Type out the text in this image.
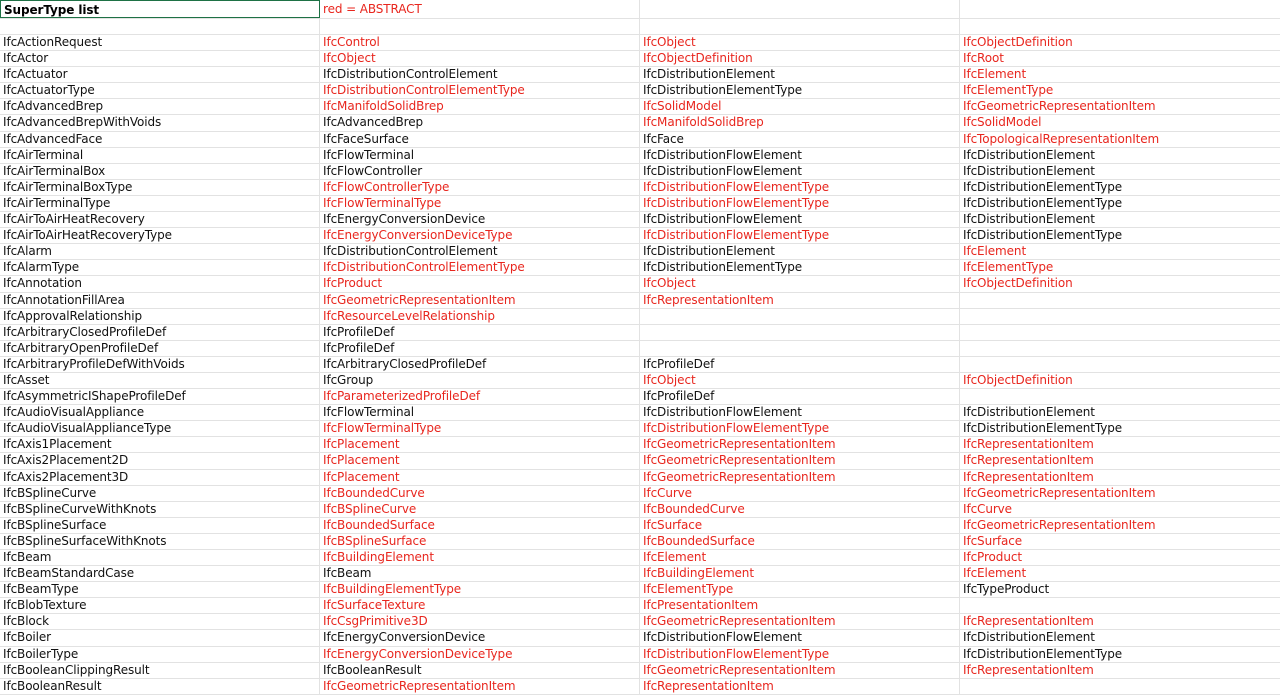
SuperType list	red = ABSTRACT
IfcActionRequest	IfcControl	IfcObject	IfcObjectDefinition
IfcActor	IfcObject	IfcObjectDefinition	IfcRoot
IfcActuator	IfcDistributionControlElement	IfcDistributionElement	IfcElement
IfcActuatorType	IfcDistributionControlElementType	IfcDistributionElementType	IfcElementType
IfcAdvancedBrep	IfcManifoldSolidBrep	IfcSolidModel	IfcGeometricRepresentationItem
IfcAdvancedBrepWithVoids	IfcAdvancedBrep	IfcManifoldSolidBrep	IfcSolidModel
IfcAdvancedFace	IfcFaceSurface	IfcFace	IfcTopologicalRepresentationItem
IfcAirTerminal	IfcFlowTerminal	IfcDistributionFlowElement	IfcDistributionElement
IfcAirTerminalBox	IfcFlowController	IfcDistributionFlowElement	IfcDistributionElement
IfcAirTerminalBoxType	IfcFlowControllerType	IfcDistributionFlowElementType	IfcDistributionElementType
IfcAirTerminalType	IfcFlowTerminalType	IfcDistributionFlowElementType	IfcDistributionElementType
IfcAirToAirHeatRecovery	IfcEnergyConversionDevice	IfcDistributionFlowElement	IfcDistributionElement
IfcAirToAirHeatRecoveryType	IfcEnergyConversionDeviceType	IfcDistributionFlowElementType	IfcDistributionElementType
IfcAlarm	IfcDistributionControlElement	IfcDistributionElement	IfcElement
IfcAlarmType	IfcDistributionControlElementType	IfcDistributionElementType	IfcElementType
IfcAnnotation	IfcProduct	IfcObject	IfcObjectDefinition
IfcAnnotationFillArea	IfcGeometricRepresentationItem	IfcRepresentationItem
IfcApprovalRelationship	IfcResourceLevelRelationship
IfcArbitraryClosedProfileDef	IfcProfileDef
IfcArbitraryOpenProfileDef	IfcProfileDef
IfcArbitraryProfileDefWithVoids	IfcArbitraryClosedProfileDef	IfcProfileDef
IfcAsset	IfcGroup	IfcObject	IfcObjectDefinition
IfcAsymmetricIShapeProfileDef	IfcParameterizedProfileDef	IfcProfileDef
IfcAudioVisualAppliance	IfcFlowTerminal	IfcDistributionFlowElement	IfcDistributionElement
IfcAudioVisualApplianceType	IfcFlowTerminalType	IfcDistributionFlowElementType	IfcDistributionElementType
IfcAxis1Placement	IfcPlacement	IfcGeometricRepresentationItem	IfcRepresentationItem
IfcAxis2Placement2D	IfcPlacement	IfcGeometricRepresentationItem	IfcRepresentationItem
IfcAxis2Placement3D	IfcPlacement	IfcGeometricRepresentationItem	IfcRepresentationItem
IfcBSplineCurve	IfcBoundedCurve	IfcCurve	IfcGeometricRepresentationItem
IfcBSplineCurveWithKnots	IfcBSplineCurve	IfcBoundedCurve	IfcCurve
IfcBSplineSurface	IfcBoundedSurface	IfcSurface	IfcGeometricRepresentationItem
IfcBSplineSurfaceWithKnots	IfcBSplineSurface	IfcBoundedSurface	IfcSurface
IfcBeam	IfcBuildingElement	IfcElement	IfcProduct
IfcBeamStandardCase	IfcBeam	IfcBuildingElement	IfcElement
IfcBeamType	IfcBuildingElementType	IfcElementType	IfcTypeProduct
IfcBlobTexture	IfcSurfaceTexture	IfcPresentationItem
IfcBlock	IfcCsgPrimitive3D	IfcGeometricRepresentationItem	IfcRepresentationItem
IfcBoiler	IfcEnergyConversionDevice	IfcDistributionFlowElement	IfcDistributionElement
IfcBoilerType	IfcEnergyConversionDeviceType	IfcDistributionFlowElementType	IfcDistributionElementType
IfcBooleanClippingResult	IfcBooleanResult	IfcGeometricRepresentationItem	IfcRepresentationItem
IfcBooleanResult	IfcGeometricRepresentationItem	IfcRepresentationItem
